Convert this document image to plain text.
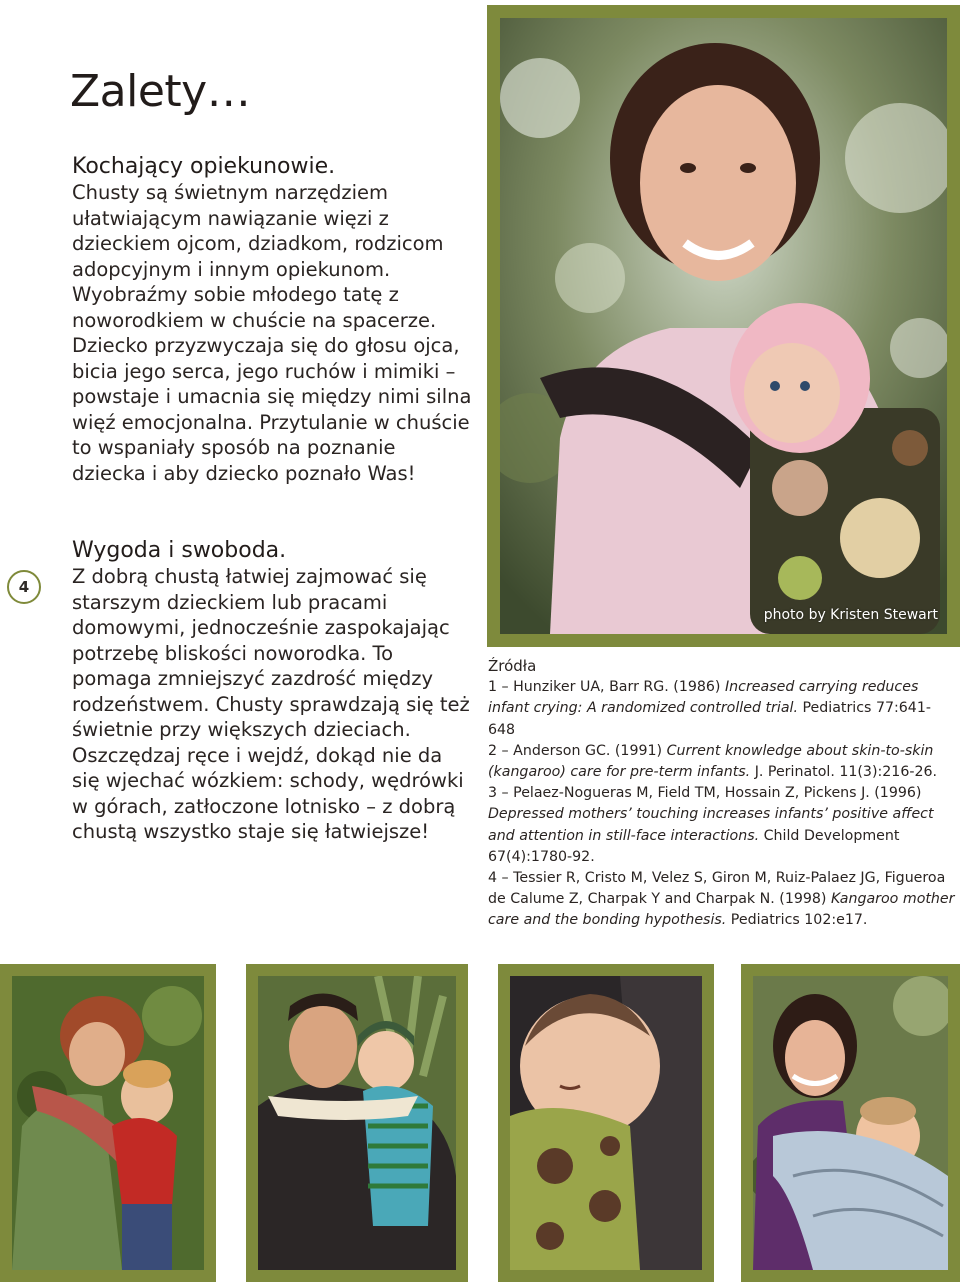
Zalety…

Kochający opiekunowie.
Chusty są świetnym narzędziem ułatwiającym nawiązanie więzi z dzieckiem ojcom, dziadkom, rodzicom adopcyjnym i innym opiekunom. Wyobraźmy sobie młodego tatę z noworodkiem w chuście na spacerze. Dziecko przyzwyczaja się do głosu ojca, bicia jego serca, jego ruchów i mimiki – powstaje i umacnia się między nimi silna więź emocjonalna. Przytulanie w chuście to wspaniały sposób na poznanie dziecka i aby dziecko poznało Was!

4

Wygoda i swoboda.
Z dobrą chustą łatwiej zajmować się starszym dzieckiem lub pracami domowymi, jednocześnie zaspokajając potrzebę bliskości noworodka. To pomaga zmniejszyć zazdrość między rodzeństwem. Chusty sprawdzają się też świetnie przy większych dzieciach. Oszczędzaj ręce i wejdź, dokąd nie da się wjechać wózkiem: schody, wędrówki w górach, zatłoczone lotnisko – z dobrą chustą wszystko staje się łatwiejsze!

photo by Kristen Stewart
Źródła
1 – Hunziker UA, Barr RG. (1986) Increased carrying reduces infant crying: A randomized controlled trial. Pediatrics 77:641-648
2 – Anderson GC. (1991) Current knowledge about skin-to-skin (kangaroo) care for pre-term infants. J. Perinatol. 11(3):216-26.
3 – Pelaez-Nogueras M, Field TM, Hossain Z, Pickens J. (1996) Depressed mothers’ touching increases infants’ positive affect and attention in still-face interactions. Child Development 67(4):1780-92.
4 – Tessier R, Cristo M, Velez S, Giron M, Ruiz-Palaez JG, Figueroa de Calume Z, Charpak Y and Charpak N. (1998) Kangaroo mother care and the bonding hypothesis. Pediatrics 102:e17.
